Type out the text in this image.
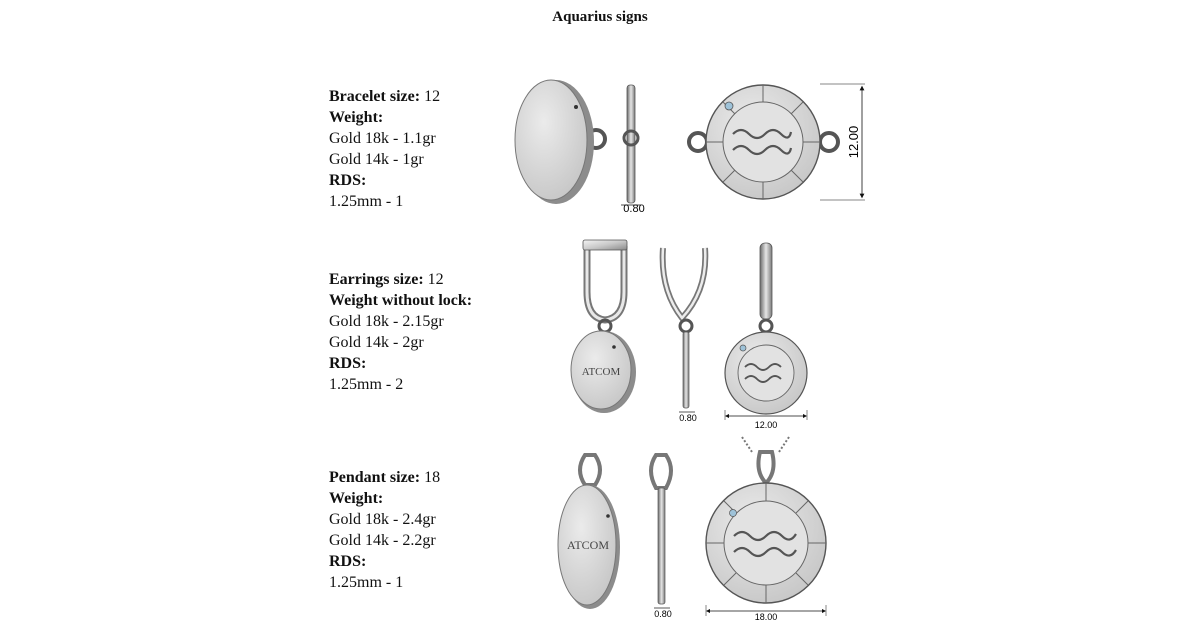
Aquarius signs
Bracelet size: 12
Weight:
Gold 18k - 1.1gr
Gold 14k - 1gr
RDS:
1.25mm - 1
Earrings size: 12
Weight without lock:
Gold 18k - 2.15gr
Gold 14k - 2gr
RDS:
1.25mm - 2
Pendant size: 18
Weight:
Gold 18k - 2.4gr
Gold 14k - 2.2gr
RDS:
1.25mm - 1
0.80
12.00
ATCOM
0.80
12.00
ATCOM
0.80	18.00
